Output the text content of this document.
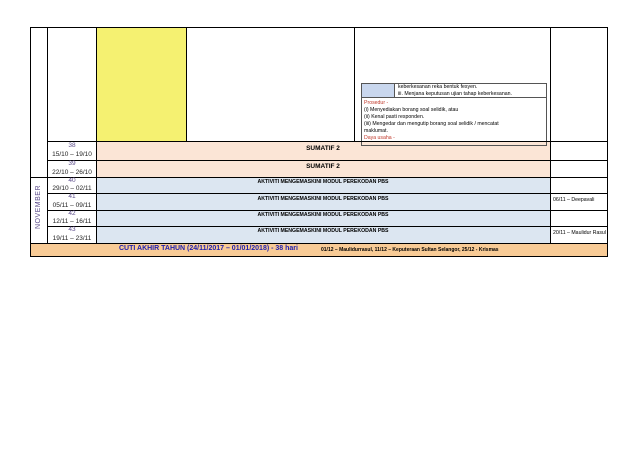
keberkesanan reka bentuk fesyen.
iii. Menjana keputusan ujian tahap keberkesanan.
Prosedur -
(i) Menyediakan borang soal selidik, atau
(ii) Kenal pasti responden.
(iii) Mengedar dan mengutip borang soal selidik / mencatat
maklumat.
Daya usaha -
NOVEMBER
38
15/10 – 19/10
39
22/10 – 26/10
40
29/10 – 02/11
41
05/11 – 09/11
42
12/11 – 16/11
43
19/11 – 23/11
SUMATIF 2
SUMATIF 2
AKTIVITI MENGEMASKINI MODUL PEREKODAN PBS
AKTIVITI MENGEMASKINI MODUL PEREKODAN PBS
AKTIVITI MENGEMASKINI MODUL PEREKODAN PBS
AKTIVITI MENGEMASKINI MODUL PEREKODAN PBS
06/11 – Deepavali
20/11 – Maulidur Rasul
CUTI AKHIR TAHUN (24/11/2017 – 01/01/2018) - 38 hari	01/12 – Maulidurrasul, 11/12 – Keputeraan Sultan Selangor, 25/12 - Krismas
